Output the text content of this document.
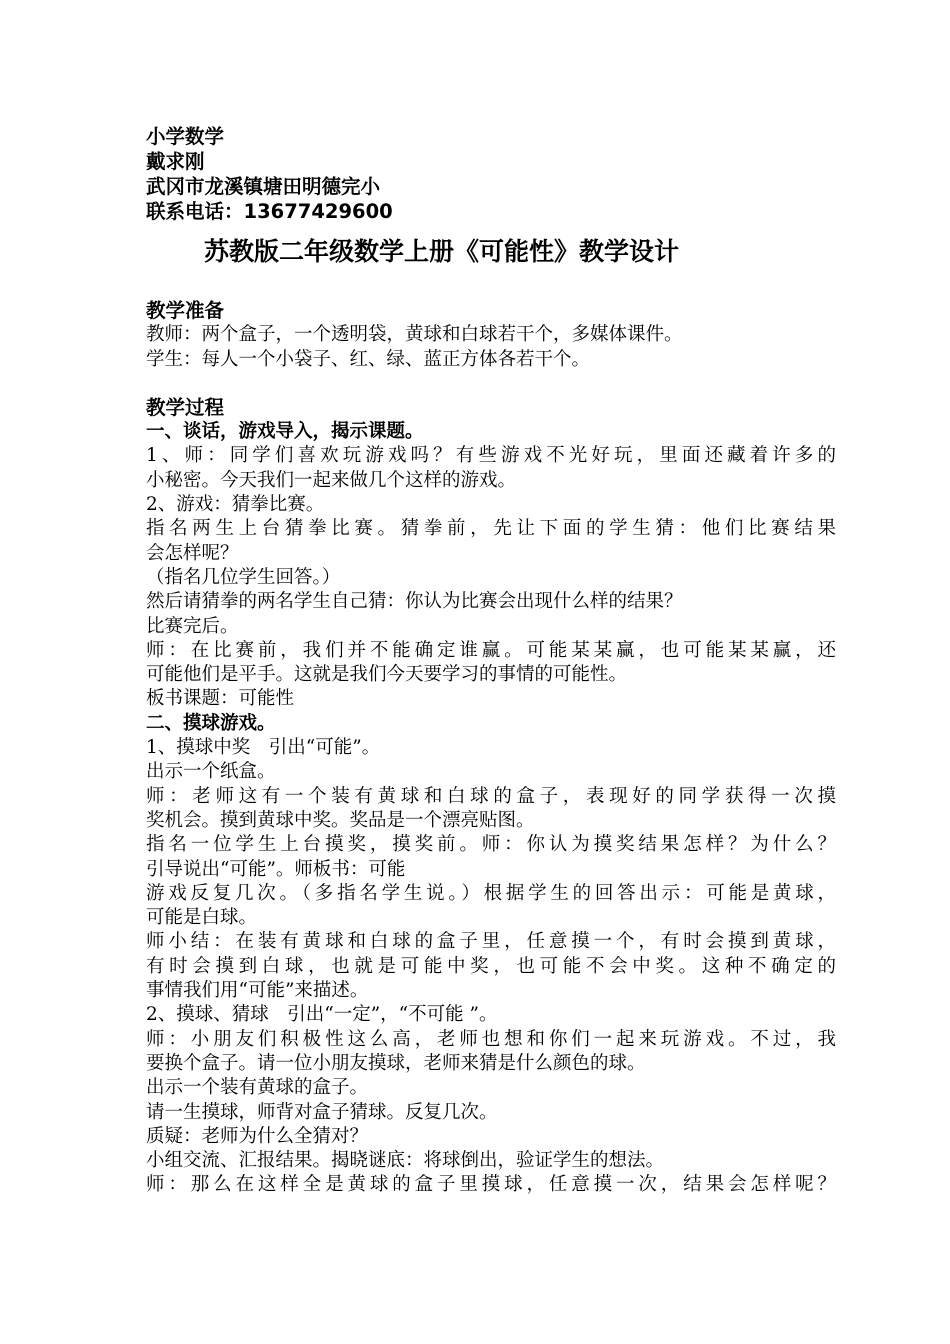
小学数学
戴求刚
武冈市龙溪镇塘田明德完小
联系电话：13677429600
苏教版二年级数学上册《可能性》教学设计
教学准备
教师：两个盒子，一个透明袋，黄球和白球若干个，多媒体课件。
学生：每人一个小袋子、红、绿、蓝正方体各若干个。
教学过程
一、谈话，游戏导入，揭示课题。
1、师：同学们喜欢玩游戏吗？有些游戏不光好玩，里面还藏着许多的
小秘密。今天我们一起来做几个这样的游戏。
2、游戏：猜拳比赛。
指名两生上台猜拳比赛。猜拳前，先让下面的学生猜：他们比赛结果
会怎样呢？
（指名几位学生回答。）
然后请猜拳的两名学生自己猜：你认为比赛会出现什么样的结果？
比赛完后。
师：在比赛前，我们并不能确定谁赢。可能某某赢，也可能某某赢，还
可能他们是平手。这就是我们今天要学习的事情的可能性。
板书课题：可能性
二、摸球游戏。
1、摸球中奖　引出“可能”。
出示一个纸盒。
师：老师这有一个装有黄球和白球的盒子，表现好的同学获得一次摸
奖机会。摸到黄球中奖。奖品是一个漂亮贴图。
指名一位学生上台摸奖，摸奖前。师：你认为摸奖结果怎样？为什么？
引导说出“可能”。师板书：可能
游戏反复几次。（多指名学生说。）根据学生的回答出示：可能是黄球，
可能是白球。
师小结：在装有黄球和白球的盒子里，任意摸一个，有时会摸到黄球，
有时会摸到白球，也就是可能中奖，也可能不会中奖。这种不确定的
事情我们用“可能”来描述。
2、摸球、猜球　引出“一定”，“不可能 ”。
师：小朋友们积极性这么高，老师也想和你们一起来玩游戏。不过，我
要换个盒子。请一位小朋友摸球，老师来猜是什么颜色的球。
出示一个装有黄球的盒子。
请一生摸球，师背对盒子猜球。反复几次。
质疑：老师为什么全猜对？
小组交流、汇报结果。揭晓谜底：将球倒出，验证学生的想法。
师：那么在这样全是黄球的盒子里摸球，任意摸一次，结果会怎样呢？
